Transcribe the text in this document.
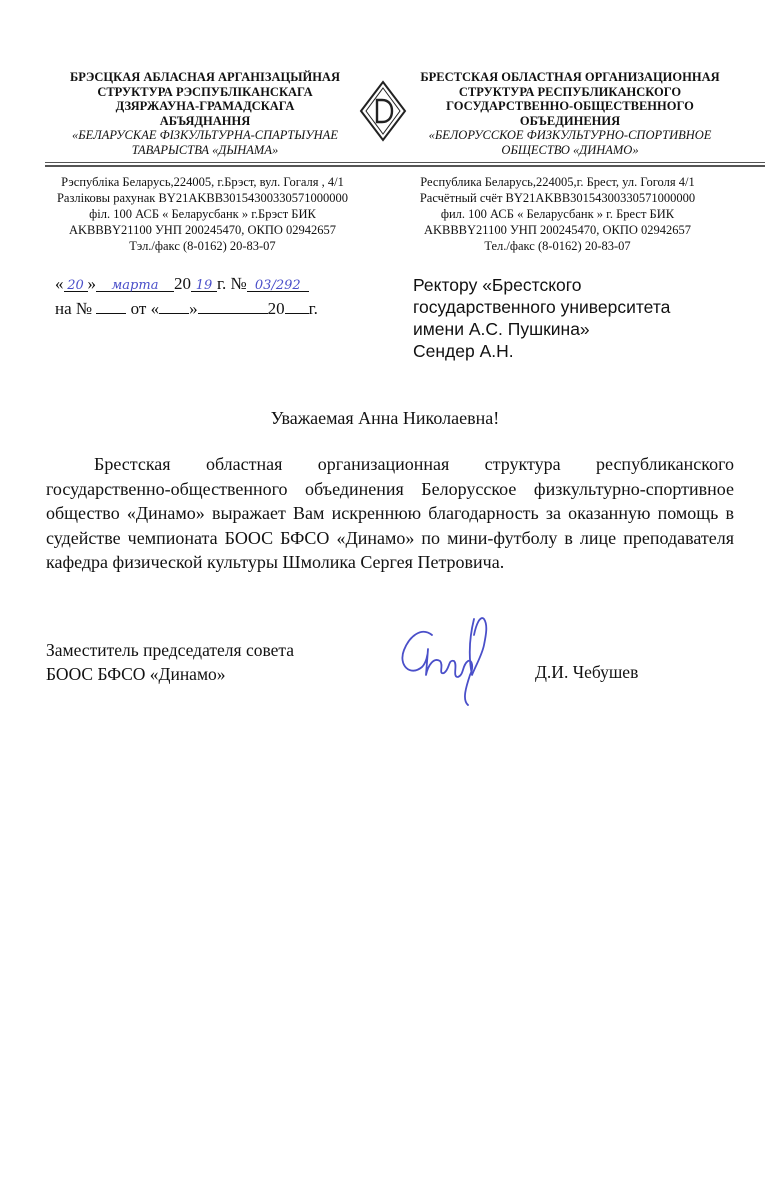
БРЭСЦКАЯ АБЛАСНАЯ АРГАНІЗАЦЫЙНАЯ
СТРУКТУРА РЭСПУБЛІКАНСКАГА
ДЗЯРЖАУНА-ГРАМАДСКАГА
АБЪЯДНАННЯ
«БЕЛАРУСКАЕ ФІЗКУЛЬТУРНА-СПАРТЫУНАЕ
ТАВАРЫСТВА «ДЫНАМА»
БРЕСТСКАЯ ОБЛАСТНАЯ ОРГАНИЗАЦИОННАЯ
СТРУКТУРА РЕСПУБЛИКАНСКОГО
ГОСУДАРСТВЕННО-ОБЩЕСТВЕННОГО
ОБЪЕДИНЕНИЯ
«БЕЛОРУССКОЕ ФИЗКУЛЬТУРНО-СПОРТИВНОЕ
ОБЩЕСТВО «ДИНАМО»
Рэспубліка Беларусь,224005, г.Брэст, вул. Гогаля , 4/1
Разліковы рахунак BY21AKBB30154300330571000000
філ. 100 АСБ « Беларусбанк » г.Брэст БИК
AKBBBY21100 УНП 200245470, ОКПО 02942657
Тэл./факс (8-0162) 20-83-07
Республика Беларусь,224005,г. Брест, ул. Гоголя 4/1
Расчётный счёт BY21AKBB30154300330571000000
фил. 100 АСБ « Беларусбанк » г. Брест БИК
AKBBBY21100 УНП 200245470, ОКПО 02942657
Тел./факс (8-0162) 20-83-07
« 20 » марта 20 19 г. № 03/292
на № от « »	20 г.
Ректору «Брестского
государственного университета
имени А.С. Пушкина»
Сендер А.Н.
Уважаемая Анна Николаевна!
Брестская областная организационная структура республиканского государственно-общественного объединения Белорусское физкультурно-спортивное общество «Динамо» выражает Вам искреннюю благодарность за оказанную помощь в судействе чемпионата БООС БФСО «Динамо» по мини-футболу в лице преподавателя кафедра физической культуры Шмолика Сергея Петровича.
Заместитель председателя совета
БООС БФСО «Динамо»	Д.И. Чебушев
